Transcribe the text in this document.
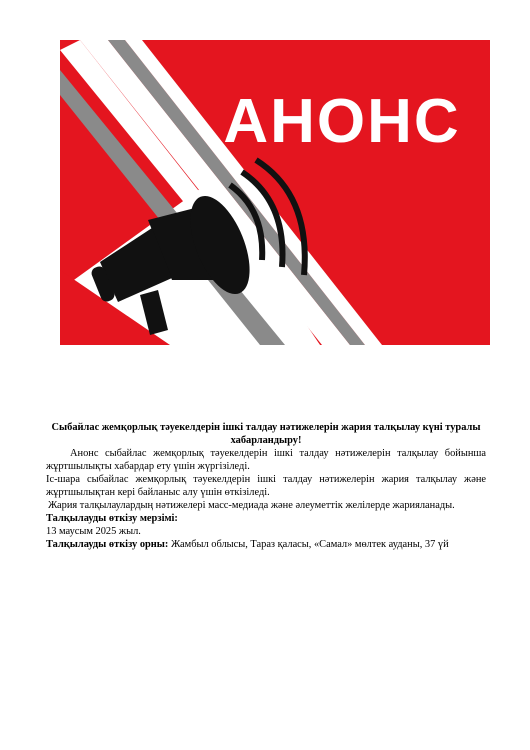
АНОНС

Сыбайлас жемқорлық тәуекелдерін ішкі талдау нәтижелерін жария талқылау күні туралы хабарландыру!

Анонс сыбайлас жемқорлық тәуекелдерін ішкі талдау нәтижелерін талқылау бойынша жұртшылықты хабардар ету үшін жүргізіледі.

Іс-шара сыбайлас жемқорлық тәуекелдерін ішкі талдау нәтижелерін жария талқылау және жұртшылықтан кері байланыс алу үшін өткізіледі.

Жария талқылаулардың нәтижелері масс-медиада және әлеуметтік желілерде жарияланады.

Талқылауды өткізу мерзімі:

13 маусым 2025 жыл.

Талқылауды өткізу орны: Жамбыл облысы, Тараз қаласы, «Самал» мөлтек ауданы, 37 үй
